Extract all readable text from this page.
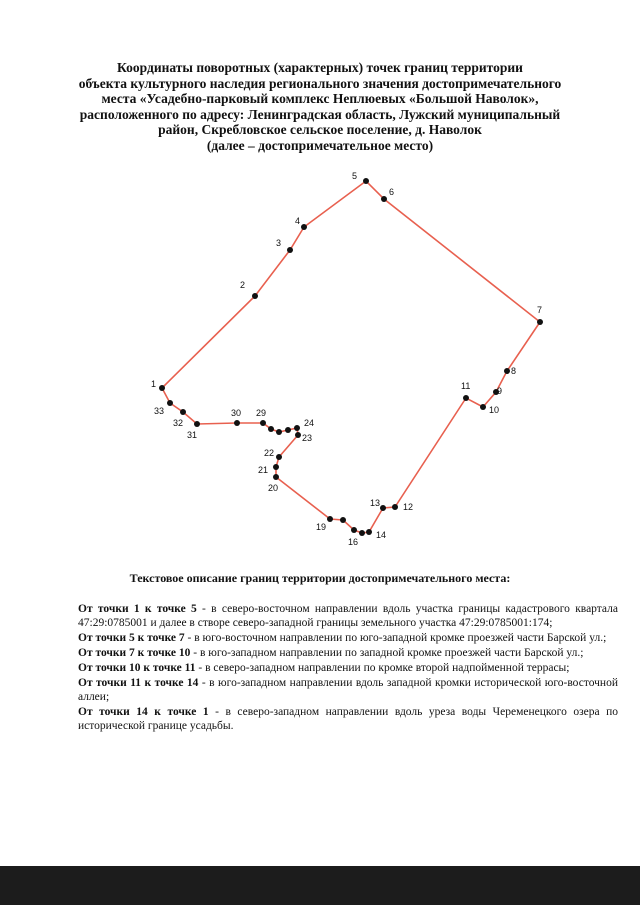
Координаты поворотных (характерных) точек границ территории
объекта культурного наследия регионального значения достопримечательного
места «Усадебно-парковый комплекс Неплюевых «Большой Наволок»,
расположенного по адресу: Ленинградская область, Лужский муниципальный
район, Скребловское сельское поселение, д. Наволок
(далее – достопримечательное место)
1
2
3
4
5
6
7
8
9
10
11
12
13
14
16
19
20
21
22
23
24
29
30
31
32
33
Текстовое описание границ территории достопримечательного места:

От точки 1 к точке 5 - в северо-восточном направлении вдоль участка границы кадастрового квартала 47:29:0785001 и далее в створе северо-западной границы земельного участка 47:29:0785001:174;

От точки 5 к точке 7 - в юго-восточном направлении по юго-западной кромке проезжей части Барской ул.;

От точки 7 к точке 10 - в юго-западном направлении по западной кромке проезжей части Барской ул.;

От точки 10 к точке 11 - в северо-западном направлении по кромке второй надпойменной террасы;

От точки 11 к точке 14 - в юго-западном направлении вдоль западной кромки исторической юго-восточной аллеи;

От точки 14 к точке 1 - в северо-западном направлении вдоль уреза воды Череменецкого озера по исторической границе усадьбы.
